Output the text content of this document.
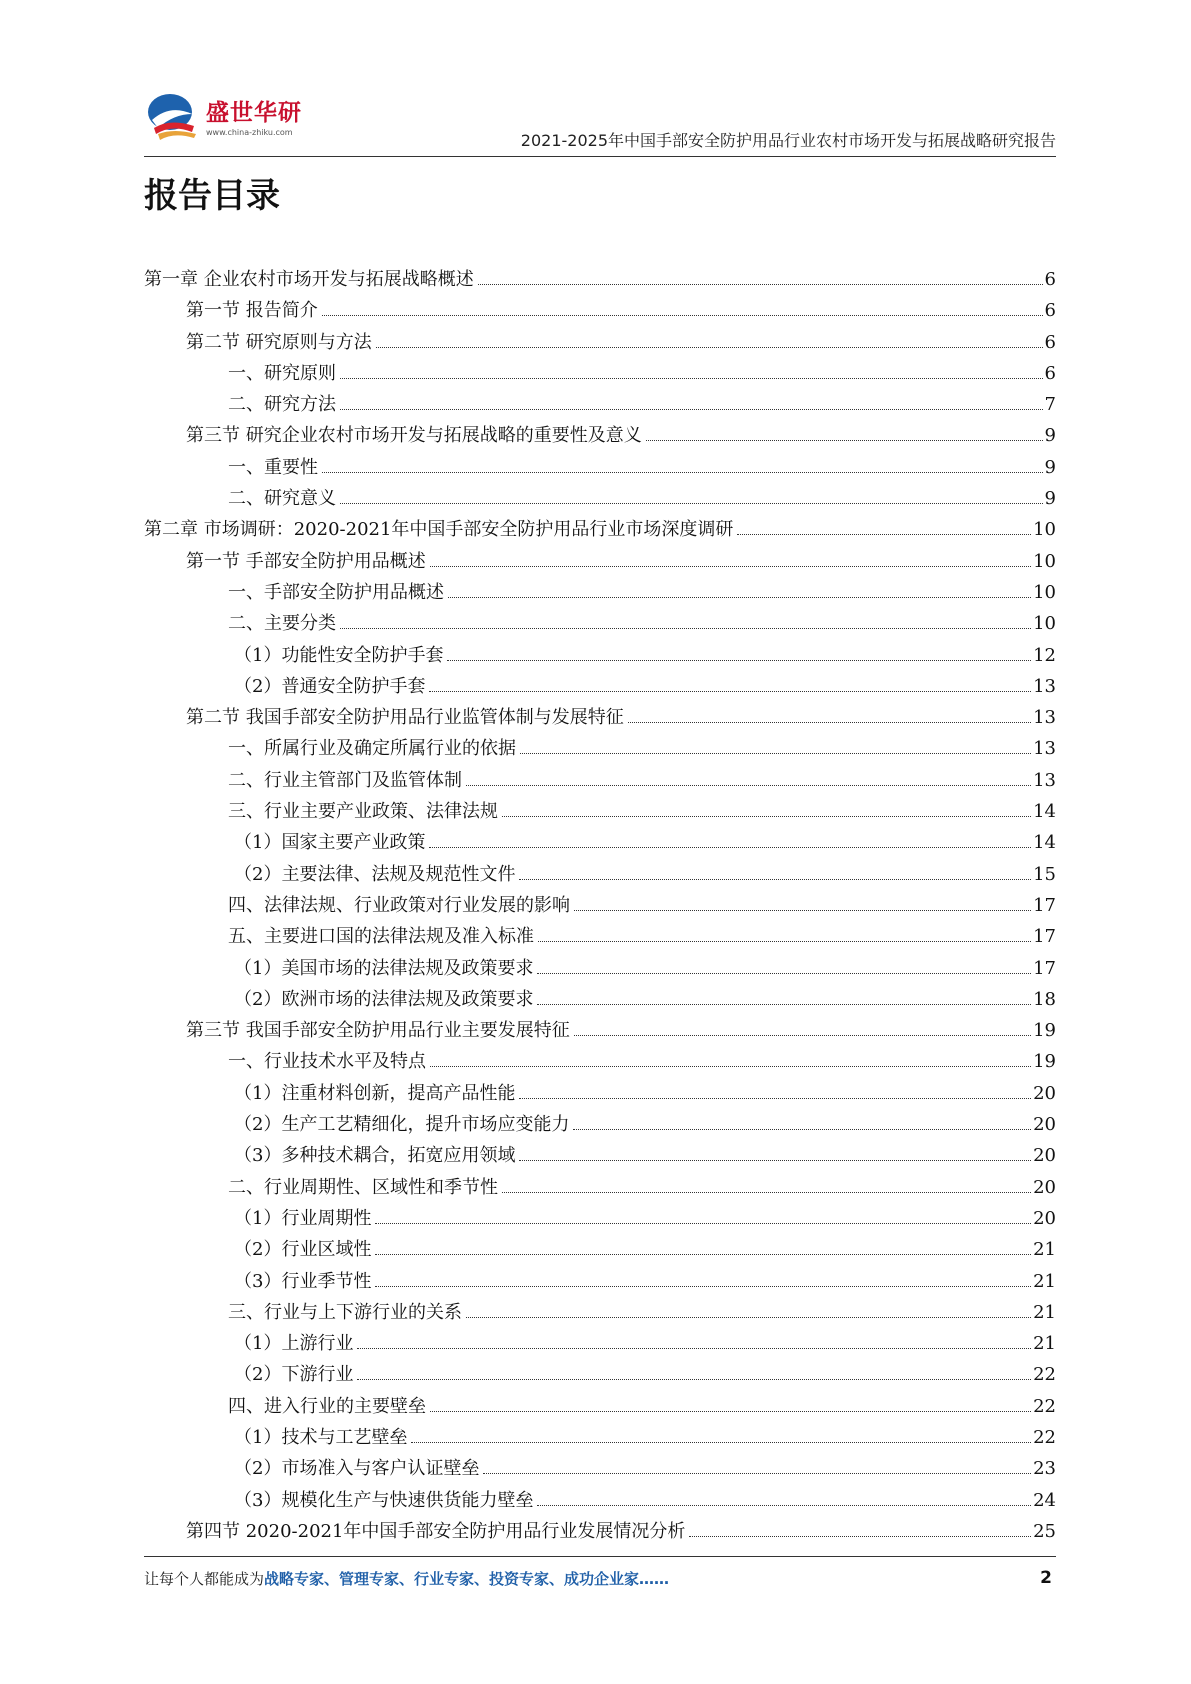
盛世华研
www.china-zhiku.com	2021-2025年中国手部安全防护用品行业农村市场开发与拓展战略研究报告
报告目录
第一章 企业农村市场开发与拓展战略概述	6
第一节 报告简介	6
第二节 研究原则与方法	6
一、研究原则	6
二、研究方法	7
第三节 研究企业农村市场开发与拓展战略的重要性及意义	9
一、重要性	9
二、研究意义	9
第二章 市场调研：2020-2021年中国手部安全防护用品行业市场深度调研	10
第一节 手部安全防护用品概述	10
一、手部安全防护用品概述	10
二、主要分类	10
（1）功能性安全防护手套	12
（2）普通安全防护手套	13
第二节 我国手部安全防护用品行业监管体制与发展特征	13
一、所属行业及确定所属行业的依据	13
二、行业主管部门及监管体制	13
三、行业主要产业政策、法律法规	14
（1）国家主要产业政策	14
（2）主要法律、法规及规范性文件	15
四、法律法规、行业政策对行业发展的影响	17
五、主要进口国的法律法规及准入标准	17
（1）美国市场的法律法规及政策要求	17
（2）欧洲市场的法律法规及政策要求	18
第三节 我国手部安全防护用品行业主要发展特征	19
一、行业技术水平及特点	19
（1）注重材料创新，提高产品性能	20
（2）生产工艺精细化，提升市场应变能力	20
（3）多种技术耦合，拓宽应用领域	20
二、行业周期性、区域性和季节性	20
（1）行业周期性	20
（2）行业区域性	21
（3）行业季节性	21
三、行业与上下游行业的关系	21
（1）上游行业	21
（2）下游行业	22
四、进入行业的主要壁垒	22
（1）技术与工艺壁垒	22
（2）市场准入与客户认证壁垒	23
（3）规模化生产与快速供货能力壁垒	24
第四节 2020-2021年中国手部安全防护用品行业发展情况分析	25
让每个人都能成为战略专家、管理专家、行业专家、投资专家、成功企业家……	2
